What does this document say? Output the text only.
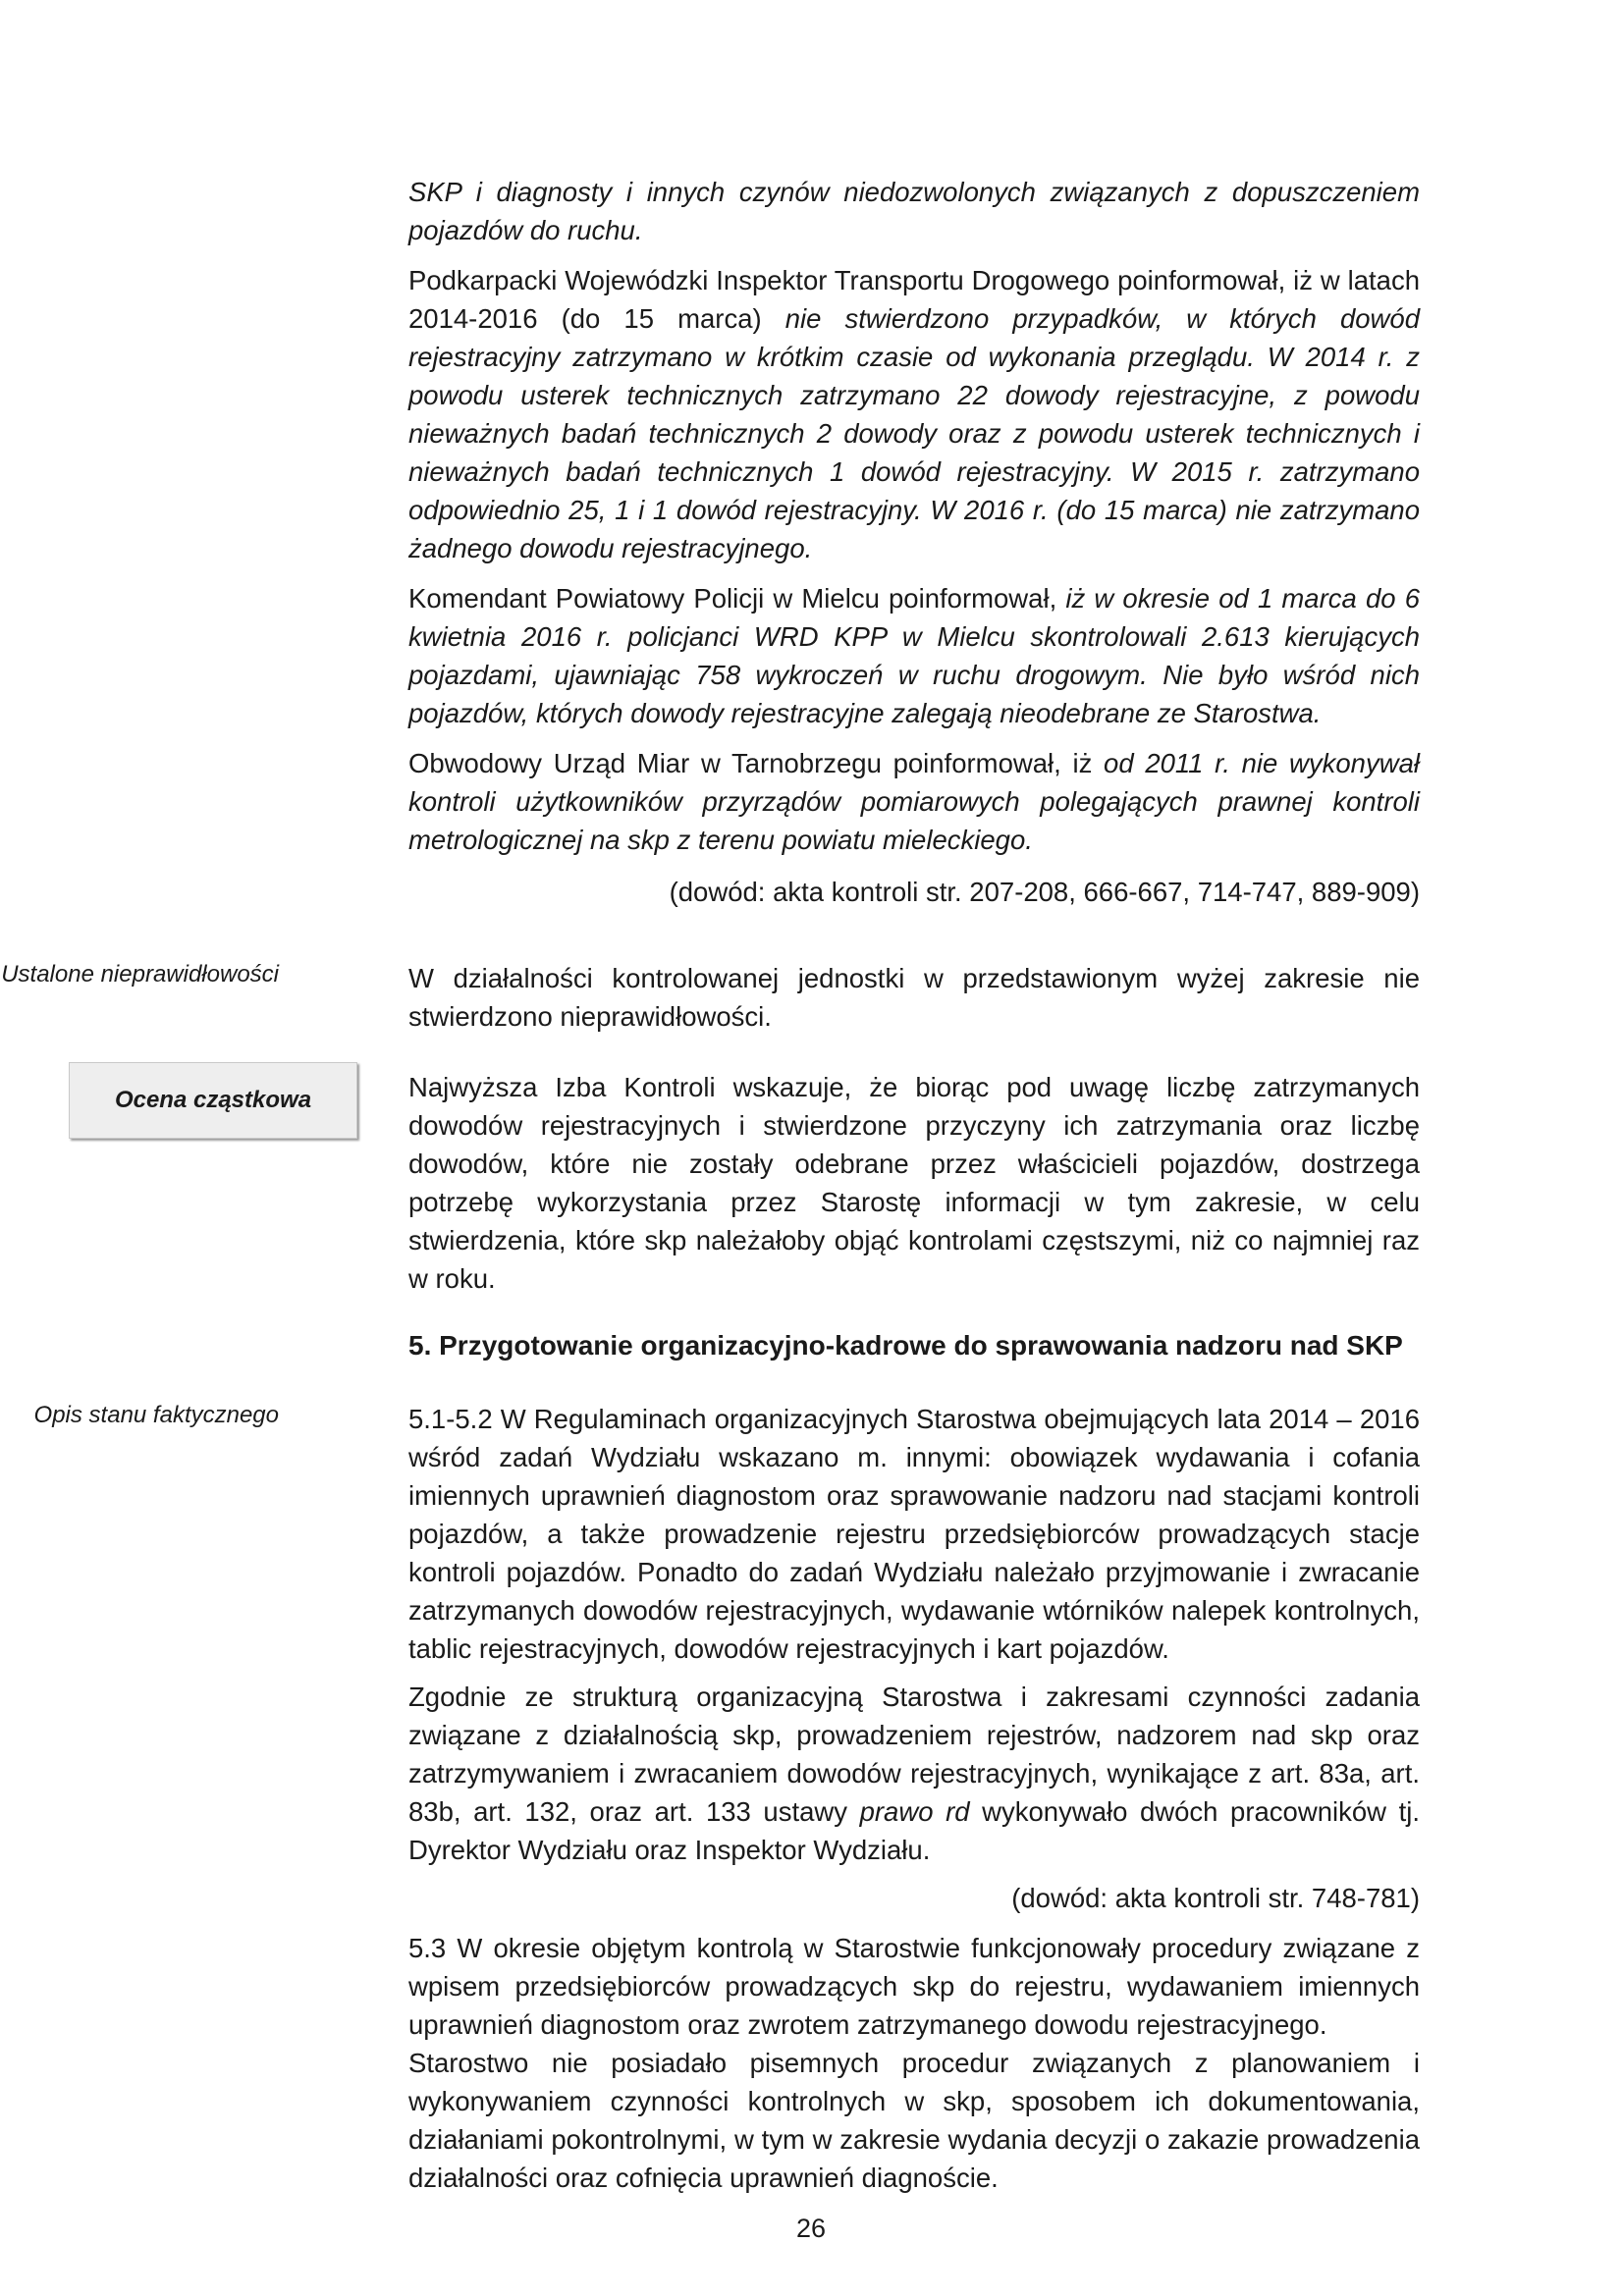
SKP i diagnosty i innych czynów niedozwolonych związanych z dopuszczeniem pojazdów do ruchu.

Podkarpacki Wojewódzki Inspektor Transportu Drogowego poinformował, iż w latach 2014-2016 (do 15 marca) nie stwierdzono przypadków, w których dowód rejestracyjny zatrzymano w krótkim czasie od wykonania przeglądu. W 2014 r. z powodu usterek technicznych zatrzymano 22 dowody rejestracyjne, z powodu nieważnych badań technicznych 2 dowody oraz z powodu usterek technicznych i nieważnych badań technicznych 1 dowód rejestracyjny. W 2015 r. zatrzymano odpowiednio 25, 1 i 1 dowód rejestracyjny. W 2016 r. (do 15 marca) nie zatrzymano żadnego dowodu rejestracyjnego.

Komendant Powiatowy Policji w Mielcu poinformował, iż w okresie od 1 marca do 6 kwietnia 2016 r. policjanci WRD KPP w Mielcu skontrolowali 2.613 kierujących pojazdami, ujawniając 758 wykroczeń w ruchu drogowym. Nie było wśród nich pojazdów, których dowody rejestracyjne zalegają nieodebrane ze Starostwa.

Obwodowy Urząd Miar w Tarnobrzegu poinformował, iż od 2011 r. nie wykonywał kontroli użytkowników przyrządów pomiarowych polegających prawnej kontroli metrologicznej na skp z terenu powiatu mieleckiego.

(dowód: akta kontroli str. 207-208, 666-667, 714-747, 889-909)

Ustalone nieprawidłowości	W działalności kontrolowanej jednostki w przedstawionym wyżej zakresie nie stwierdzono nieprawidłowości.

Ocena cząstkowa	Najwyższa Izba Kontroli wskazuje, że biorąc pod uwagę liczbę zatrzymanych dowodów rejestracyjnych i stwierdzone przyczyny ich zatrzymania oraz liczbę dowodów, które nie zostały odebrane przez właścicieli pojazdów, dostrzega potrzebę wykorzystania przez Starostę informacji w tym zakresie, w celu stwierdzenia, które skp należałoby objąć kontrolami częstszymi, niż co najmniej raz w roku.

5. Przygotowanie organizacyjno-kadrowe do sprawowania nadzoru nad SKP
Opis stanu faktycznego	5.1-5.2 W Regulaminach organizacyjnych Starostwa obejmujących lata 2014 – 2016 wśród zadań Wydziału wskazano m. innymi: obowiązek wydawania i cofania imiennych uprawnień diagnostom oraz sprawowanie nadzoru nad stacjami kontroli pojazdów, a także prowadzenie rejestru przedsiębiorców prowadzących stacje kontroli pojazdów. Ponadto do zadań Wydziału należało przyjmowanie i zwracanie zatrzymanych dowodów rejestracyjnych, wydawanie wtórników nalepek kontrolnych, tablic rejestracyjnych, dowodów rejestracyjnych i kart pojazdów.

Zgodnie ze strukturą organizacyjną Starostwa i zakresami czynności zadania związane z działalnością skp, prowadzeniem rejestrów, nadzorem nad skp oraz zatrzymywaniem i zwracaniem dowodów rejestracyjnych, wynikające z art. 83a, art. 83b, art. 132, oraz art. 133 ustawy prawo rd wykonywało dwóch pracowników tj. Dyrektor Wydziału oraz Inspektor Wydziału.

(dowód: akta kontroli str. 748-781)

5.3 W okresie objętym kontrolą w Starostwie funkcjonowały procedury związane z wpisem przedsiębiorców prowadzących skp do rejestru, wydawaniem imiennych uprawnień diagnostom oraz zwrotem zatrzymanego dowodu rejestracyjnego.

Starostwo nie posiadało pisemnych procedur związanych z planowaniem i wykonywaniem czynności kontrolnych w skp, sposobem ich dokumentowania, działaniami pokontrolnymi, w tym w zakresie wydania decyzji o zakazie prowadzenia działalności oraz cofnięcia uprawnień diagnoście.

26
